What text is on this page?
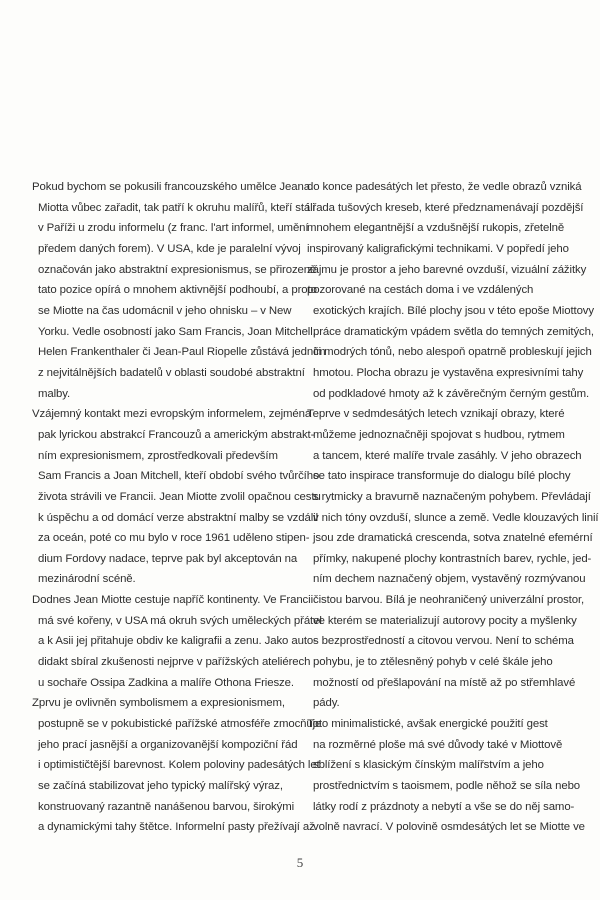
Pokud bychom se pokusili francouzského umělce Jeana
Miotta vůbec zařadit, tak patří k okruhu malířů, kteří stáli
v Paříži u zrodu informelu (z franc. l'art informel, umění
předem daných forem). V USA, kde je paralelní vývoj
označován jako abstraktní expresionismus, se přirozeně
tato pozice opírá o mnohem aktivnější podhoubí, a proto
se Miotte na čas udomácnil v jeho ohnisku – v New
Yorku. Vedle osobností jako Sam Francis, Joan Mitchell,
Helen Frankenthaler či Jean-Paul Riopelle zůstává jedním
z nejvitálnějších badatelů v oblasti soudobé abstraktní
malby.
Vzájemný kontakt mezi evropským informelem, zejména
pak lyrickou abstrakcí Francouzů a americkým abstrakt-
ním expresionismem, zprostředkovali především
Sam Francis a Joan Mitchell, kteří období svého tvůrčího
života strávili ve Francii. Jean Miotte zvolil opačnou cestu
k úspěchu a od domácí verze abstraktní malby se vzdálil
za oceán, poté co mu bylo v roce 1961 uděleno stipen-
dium Fordovy nadace, teprve pak byl akceptován na
mezinárodní scéně.
Dodnes Jean Miotte cestuje napříč kontinenty. Ve Francii
má své kořeny, v USA má okruh svých uměleckých přátel
a k Asii jej přitahuje obdiv ke kaligrafii a zenu. Jako auto-
didakt sbíral zkušenosti nejprve v pařížských ateliérech
u sochaře Ossipa Zadkina a malíře Othona Friesze.
Zprvu je ovlivněn symbolismem a expresionismem,
postupně se v pokubistické pařížské atmosféře zmocňuje
jeho prací jasnější a organizovanější kompoziční řád
i optimističtější barevnost. Kolem poloviny padesátých let
se začíná stabilizovat jeho typický malířský výraz,
konstruovaný razantně nanášenou barvou, širokými
a dynamickými tahy štětce. Informelní pasty přežívají až
do konce padesátých let přesto, že vedle obrazů vzniká
i řada tušových kreseb, které předznamenávají pozdější
mnohem elegantnější a vzdušnější rukopis, zřetelně
inspirovaný kaligrafickými technikami. V popředí jeho
zájmu je prostor a jeho barevné ovzduší, vizuální zážitky
pozorované na cestách doma i ve vzdálených
exotických krajích. Bílé plochy jsou v této epoše Miottovy
práce dramatickým vpádem světla do temných zemitých,
či modrých tónů, nebo alespoň opatrně probleskují jejich
hmotou. Plocha obrazu je vystavěna expresivními tahy
od podkladové hmoty až k závěrečným černým gestům.
Teprve v sedmdesátých letech vznikají obrazy, které
můžeme jednoznačněji spojovat s hudbou, rytmem
a tancem, které malíře trvale zasáhly. V jeho obrazech
se tato inspirace transformuje do dialogu bílé plochy
s rytmicky a bravurně naznačeným pohybem. Převládají
v nich tóny ovzduší, slunce a země. Vedle klouzavých linií
jsou zde dramatická crescenda, sotva znatelné efemérní
přímky, nakupené plochy kontrastních barev, rychle, jed-
ním dechem naznačený objem, vystavěný rozmývanou
čistou barvou. Bílá je neohraničený univerzální prostor,
ve kterém se materializují autorovy pocity a myšlenky
s bezprostředností a citovou vervou. Není to schéma
pohybu, je to ztělesněný pohyb v celé škále jeho
možností od přešlapování na místě až po střemhlavé
pády.
Toto minimalistické, avšak energické použití gest
na rozměrné ploše má své důvody také v Miottově
sblížení s klasickým čínským malířstvím a jeho
prostřednictvím s taoismem, podle něhož se síla nebo
látky rodí z prázdnoty a nebytí a vše se do něj samo-
volně navrací. V polovině osmdesátých let se Miotte ve
5
